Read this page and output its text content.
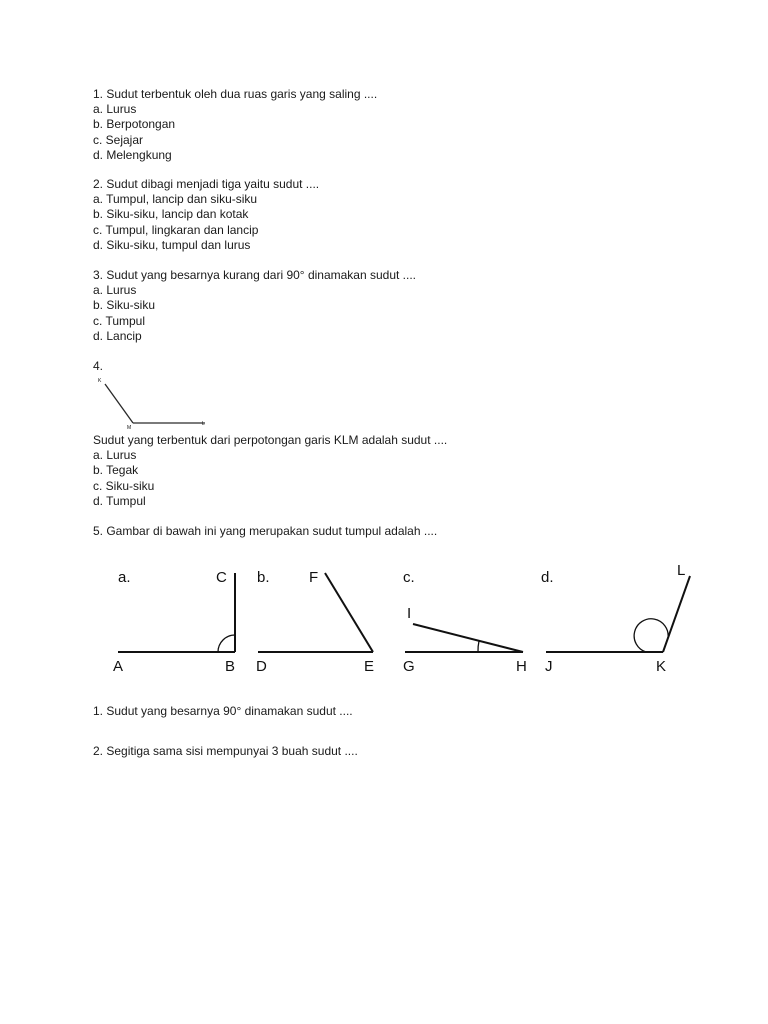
1. Sudut terbentuk oleh dua ruas garis yang saling ....

a. Lurus

b. Berpotongan

c. Sejajar

d. Melengkung

2. Sudut dibagi menjadi tiga yaitu sudut ....

a. Tumpul, lancip dan siku-siku

b. Siku-siku, lancip dan kotak

c. Tumpul, lingkaran dan lancip

d. Siku-siku, tumpul dan lurus

3. Sudut yang besarnya kurang dari 90° dinamakan sudut ....

a. Lurus

b. Siku-siku

c. Tumpul

d. Lancip

4.

K
M
L

Sudut yang terbentuk dari perpotongan garis KLM adalah sudut ....

a. Lurus

b. Tegak

c. Siku-siku

d. Tumpul

5. Gambar di bawah ini yang merupakan sudut tumpul adalah ....

a.	C
A	B
b.	F
D	E
c.
I
G	H
d.	L
J	K

1. Sudut yang besarnya 90° dinamakan sudut ....

2. Segitiga sama sisi mempunyai 3 buah sudut ....
